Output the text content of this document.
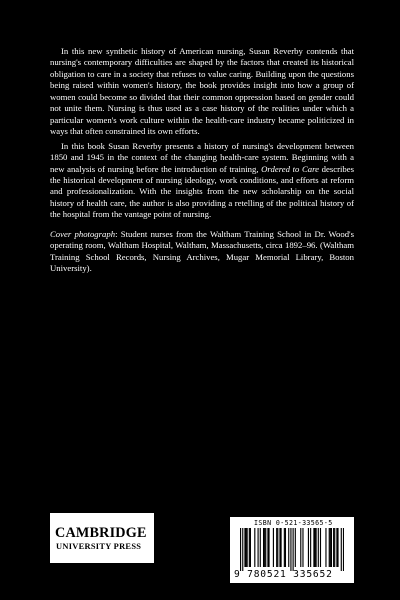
In this new synthetic history of American nursing, Susan Reverby contends that nursing's contemporary difficulties are shaped by the factors that created its historical obligation to care in a society that refuses to value caring. Building upon the questions being raised within women's history, the book provides insight into how a group of women could become so divided that their common oppression based on gender could not unite them. Nursing is thus used as a case history of the realities under which a particular women's work culture within the health-care industry became politicized in ways that often constrained its own efforts.

In this book Susan Reverby presents a history of nursing's development between 1850 and 1945 in the context of the changing health-care system. Beginning with a new analysis of nursing before the introduction of training, Ordered to Care describes the historical development of nursing ideology, work conditions, and efforts at reform and professionalization. With the insights from the new scholarship on the social history of health care, the author is also providing a retelling of the political history of the hospital from the vantage point of nursing.

Cover photograph: Student nurses from the Waltham Training School in Dr. Wood's operating room, Waltham Hospital, Waltham, Massachusetts, circa 1892–96. (Waltham Training School Records, Nursing Archives, Mugar Memorial Library, Boston University).

CAMBRIDGE
UNIVERSITY PRESS
ISBN 0-521-33565-5
9 780521 335652
